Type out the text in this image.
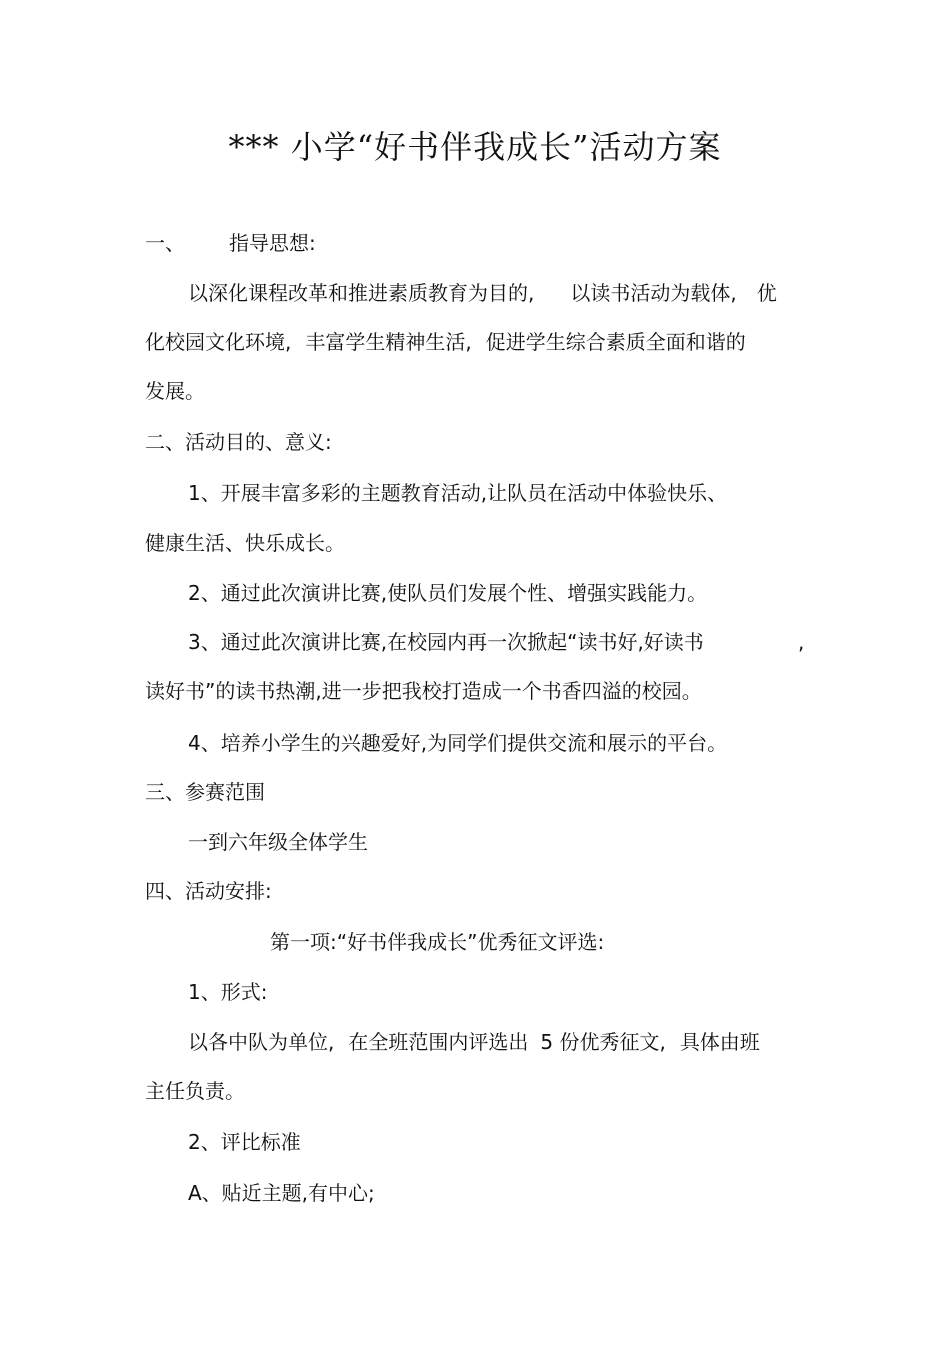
*** 小学“好书伴我成长”活动方案
一、 指导思想:
以深化课程改革和推进素质教育为目的, 以读书活动为载体, 优
化校园文化环境, 丰富学生精神生活, 促进学生综合素质全面和谐的
发展。
二、活动目的、意义:
1、开展丰富多彩的主题教育活动,让队员在活动中体验快乐、
健康生活、快乐成长。
2、通过此次演讲比赛,使队员们发展个性、增强实践能力。
3、通过此次演讲比赛,在校园内再一次掀起“读书好,好读书	,
读好书”的读书热潮,进一步把我校打造成一个书香四溢的校园。
4、培养小学生的兴趣爱好,为同学们提供交流和展示的平台。
三、参赛范围
一到六年级全体学生
四、活动安排:
第一项:“好书伴我成长”优秀征文评选:
1、形式:
以各中队为单位, 在全班范围内评选出 5 份优秀征文, 具体由班
主任负责。
2、评比标准
A、贴近主题,有中心;
